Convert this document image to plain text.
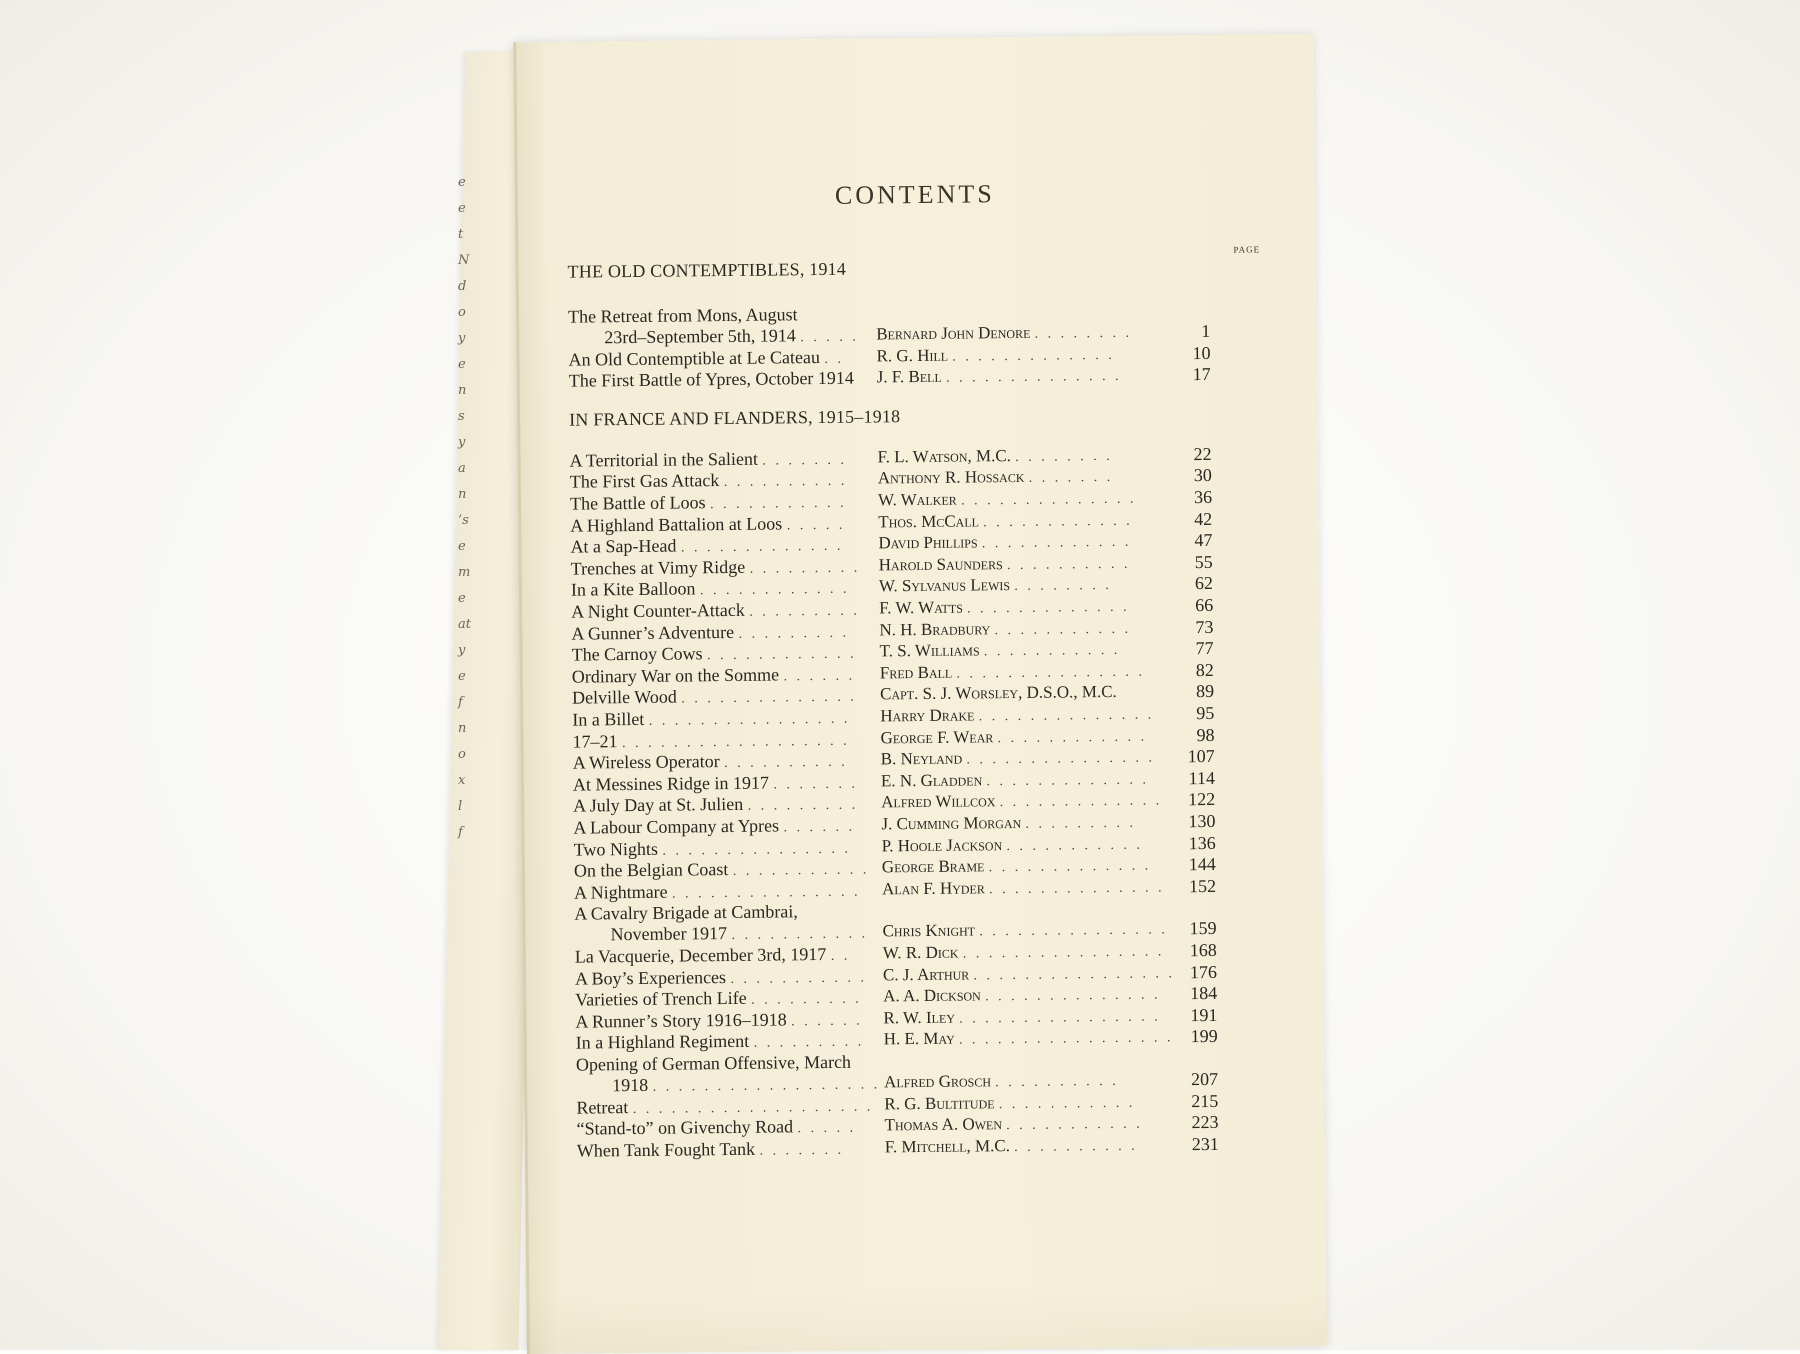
e
e
t
N
d
o
y
e
n
s
y
a
n
’s
e
m
e
at
y
e
f
n
o
x
l
f
CONTENTS
PAGE
THE OLD CONTEMPTIBLES, 1914
The Retreat from Mons, August
23rd–September 5th, 1914 . . . . . Bernard John Denore . . . . . . . .	1
An Old Contemptible at Le Cateau . . R. G. Hill . . . . . . . . . . . . .	10
The First Battle of Ypres, October 1914 J. F. Bell . . . . . . . . . . . . . .	17
IN FRANCE AND FLANDERS, 1915–1918
A Territorial in the Salient . . . . . . . F. L. Watson, M.C. . . . . . . . .	22
The First Gas Attack . . . . . . . . . . Anthony R. Hossack . . . . . . .	30
The Battle of Loos . . . . . . . . . . . W. Walker . . . . . . . . . . . . . .	36
A Highland Battalion at Loos . . . . . Thos. McCall . . . . . . . . . . . .	42
At a Sap-Head . . . . . . . . . . . . . David Phillips . . . . . . . . . . . .	47
Trenches at Vimy Ridge . . . . . . . . . Harold Saunders . . . . . . . . . .	55
In a Kite Balloon . . . . . . . . . . . . W. Sylvanus Lewis . . . . . . . .	62
A Night Counter-Attack . . . . . . . . . F. W. Watts . . . . . . . . . . . . .	66
A Gunner’s Adventure . . . . . . . . . N. H. Bradbury . . . . . . . . . . .	73
The Carnoy Cows . . . . . . . . . . . . T. S. Williams . . . . . . . . . . .	77
Ordinary War on the Somme . . . . . . Fred Ball . . . . . . . . . . . . . . .	82
Delville Wood . . . . . . . . . . . . . . Capt. S. J. Worsley, D.S.O., M.C.	89
In a Billet . . . . . . . . . . . . . . . . Harry Drake . . . . . . . . . . . . . .	95
17–21 . . . . . . . . . . . . . . . . . . George F. Wear . . . . . . . . . . . .	98
A Wireless Operator . . . . . . . . . . B. Neyland . . . . . . . . . . . . . . .	107
At Messines Ridge in 1917 . . . . . . . E. N. Gladden . . . . . . . . . . . . .	114
A July Day at St. Julien . . . . . . . . . Alfred Willcox . . . . . . . . . . . . .	122
A Labour Company at Ypres . . . . . . J. Cumming Morgan . . . . . . . . .	130
Two Nights . . . . . . . . . . . . . . . P. Hoole Jackson . . . . . . . . . . .	136
On the Belgian Coast . . . . . . . . . . . George Brame . . . . . . . . . . . . .	144
A Nightmare . . . . . . . . . . . . . . . Alan F. Hyder . . . . . . . . . . . . . .	152
A Cavalry Brigade at Cambrai,
November 1917 . . . . . . . . . . . Chris Knight . . . . . . . . . . . . . . .	159
La Vacquerie, December 3rd, 1917 . . W. R. Dick . . . . . . . . . . . . . . . .	168
A Boy’s Experiences . . . . . . . . . . . C. J. Arthur . . . . . . . . . . . . . . . . 176
Varieties of Trench Life . . . . . . . . . A. A. Dickson . . . . . . . . . . . . . .	184
A Runner’s Story 1916–1918 . . . . . . R. W. Iley . . . . . . . . . . . . . . . .	191
In a Highland Regiment . . . . . . . . . H. E. May . . . . . . . . . . . . . . . . . 199
Opening of German Offensive, March
1918 . . . . . . . . . . . . . . . . . . Alfred Grosch . . . . . . . . . .	207
Retreat . . . . . . . . . . . . . . . . . . . R. G. Bultitude . . . . . . . . . . .	215
“Stand-to” on Givenchy Road . . . . . Thomas A. Owen . . . . . . . . . . .	223
When Tank Fought Tank . . . . . . . F. Mitchell, M.C. . . . . . . . . . .	231
